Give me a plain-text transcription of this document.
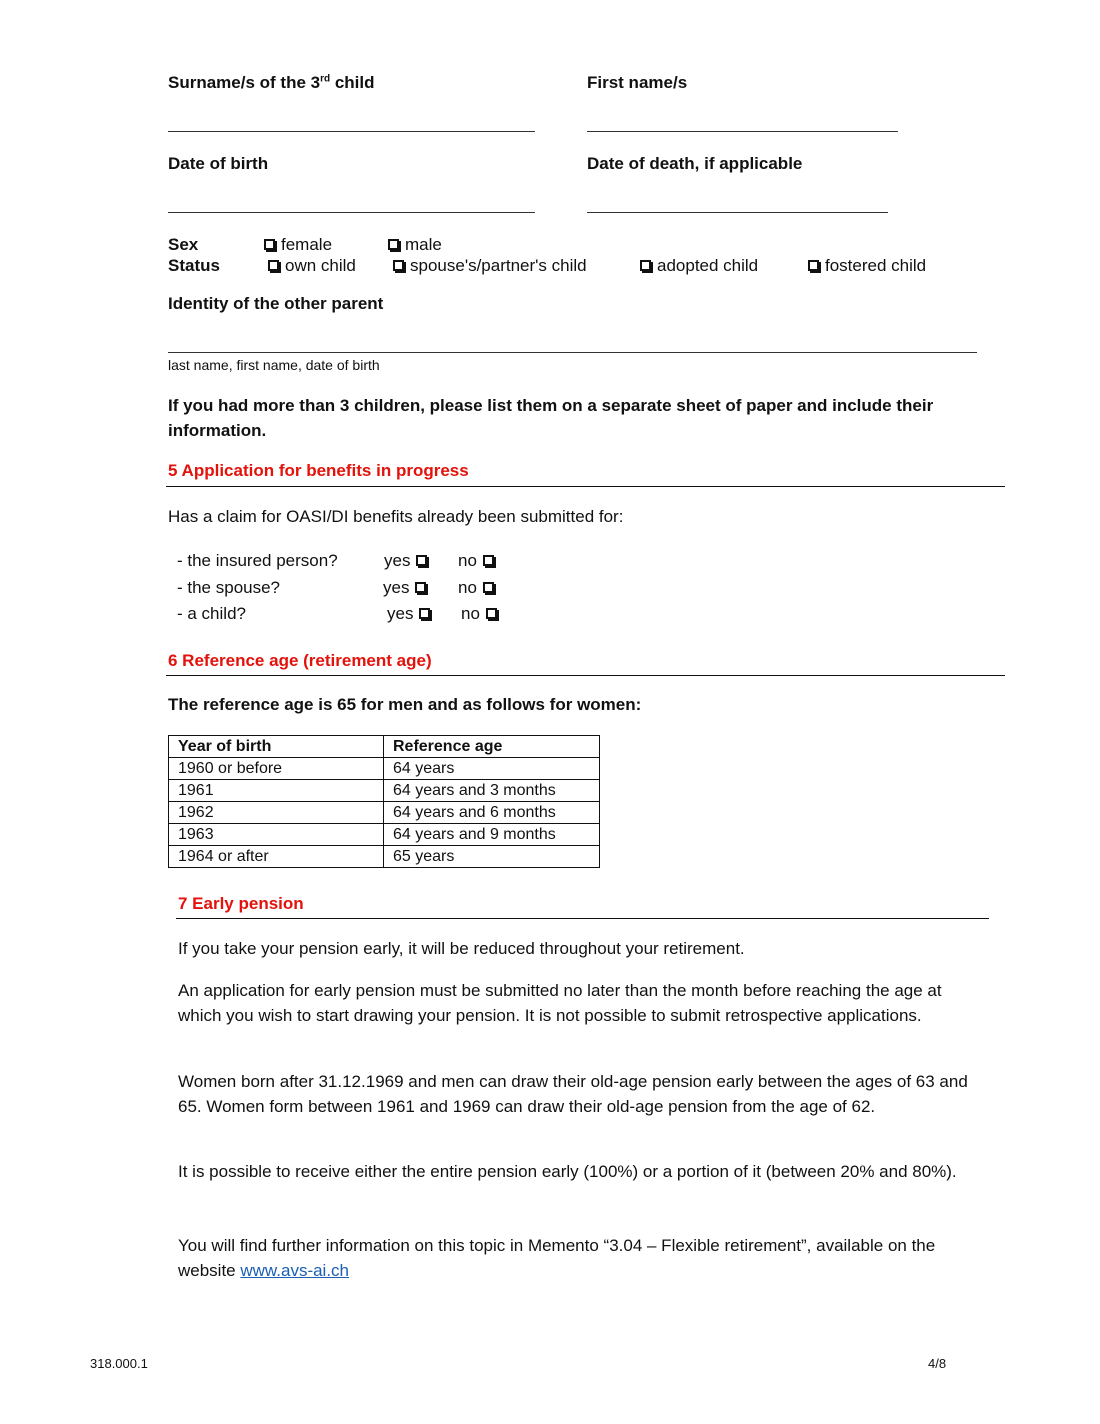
Surname/s of the 3rd child	First name/s
Date of birth	Date of death, if applicable
Sex	female	male
Status	own child	spouse's/partner's child	adopted child	fostered child
Identity of the other parent
last name, first name, date of birth

If you had more than 3 children, please list them on a separate sheet of paper and include their information.

5 Application for benefits in progress
Has a claim for OASI/DI benefits already been submitted for:
- the insured person?	yes	no
- the spouse?	yes	no
- a child?	yes	no
6 Reference age (retirement age)
The reference age is 65 for men and as follows for women:
Year of birth	Reference age
1960 or before	64 years
1961	64 years and 3 months
1962	64 years and 6 months
1963	64 years and 9 months
1964 or after	65 years
7 Early pension

If you take your pension early, it will be reduced throughout your retirement.

An application for early pension must be submitted no later than the month before reaching the age at which you wish to start drawing your pension. It is not possible to submit retrospective applications.

Women born after 31.12.1969 and men can draw their old-age pension early between the ages of 63 and 65. Women form between 1961 and 1969 can draw their old-age pension from the age of 62.

It is possible to receive either the entire pension early (100%) or a portion of it (between 20% and 80%).

You will find further information on this topic in Memento “3.04 – Flexible retirement”, available on the website www.avs-ai.ch

318.000.1	4/8
